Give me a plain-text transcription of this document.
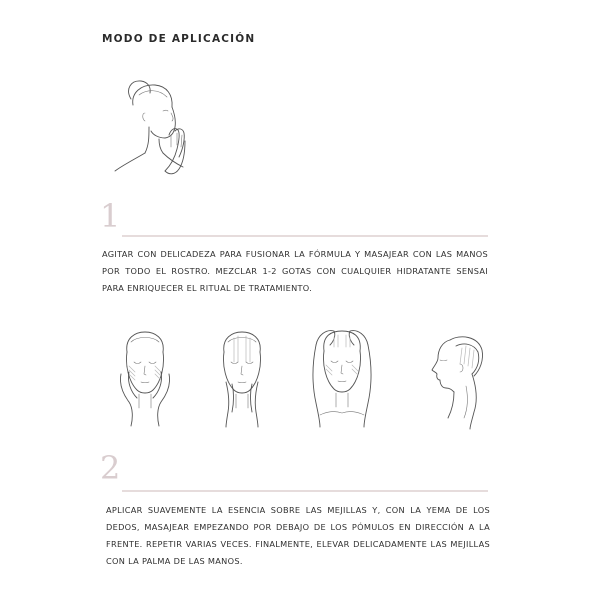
MODO DE APLICACIÓN
1
AGITAR CON DELICADEZA PARA FUSIONAR LA FÓRMULA Y MASAJEAR CON LAS MANOS POR TODO EL ROSTRO. MEZCLAR 1-2 GOTAS CON CUALQUIER HIDRATANTE SENSAI PARA ENRIQUECER EL RITUAL DE TRATAMIENTO.
2
APLICAR SUAVEMENTE LA ESENCIA SOBRE LAS MEJILLAS Y, CON LA YEMA DE LOS DEDOS, MASAJEAR EMPEZANDO POR DEBAJO DE LOS PÓMULOS EN DIRECCIÓN A LA FRENTE. REPETIR VARIAS VECES. FINALMENTE, ELEVAR DELICADAMENTE LAS MEJILLAS CON LA PALMA DE LAS MANOS.
